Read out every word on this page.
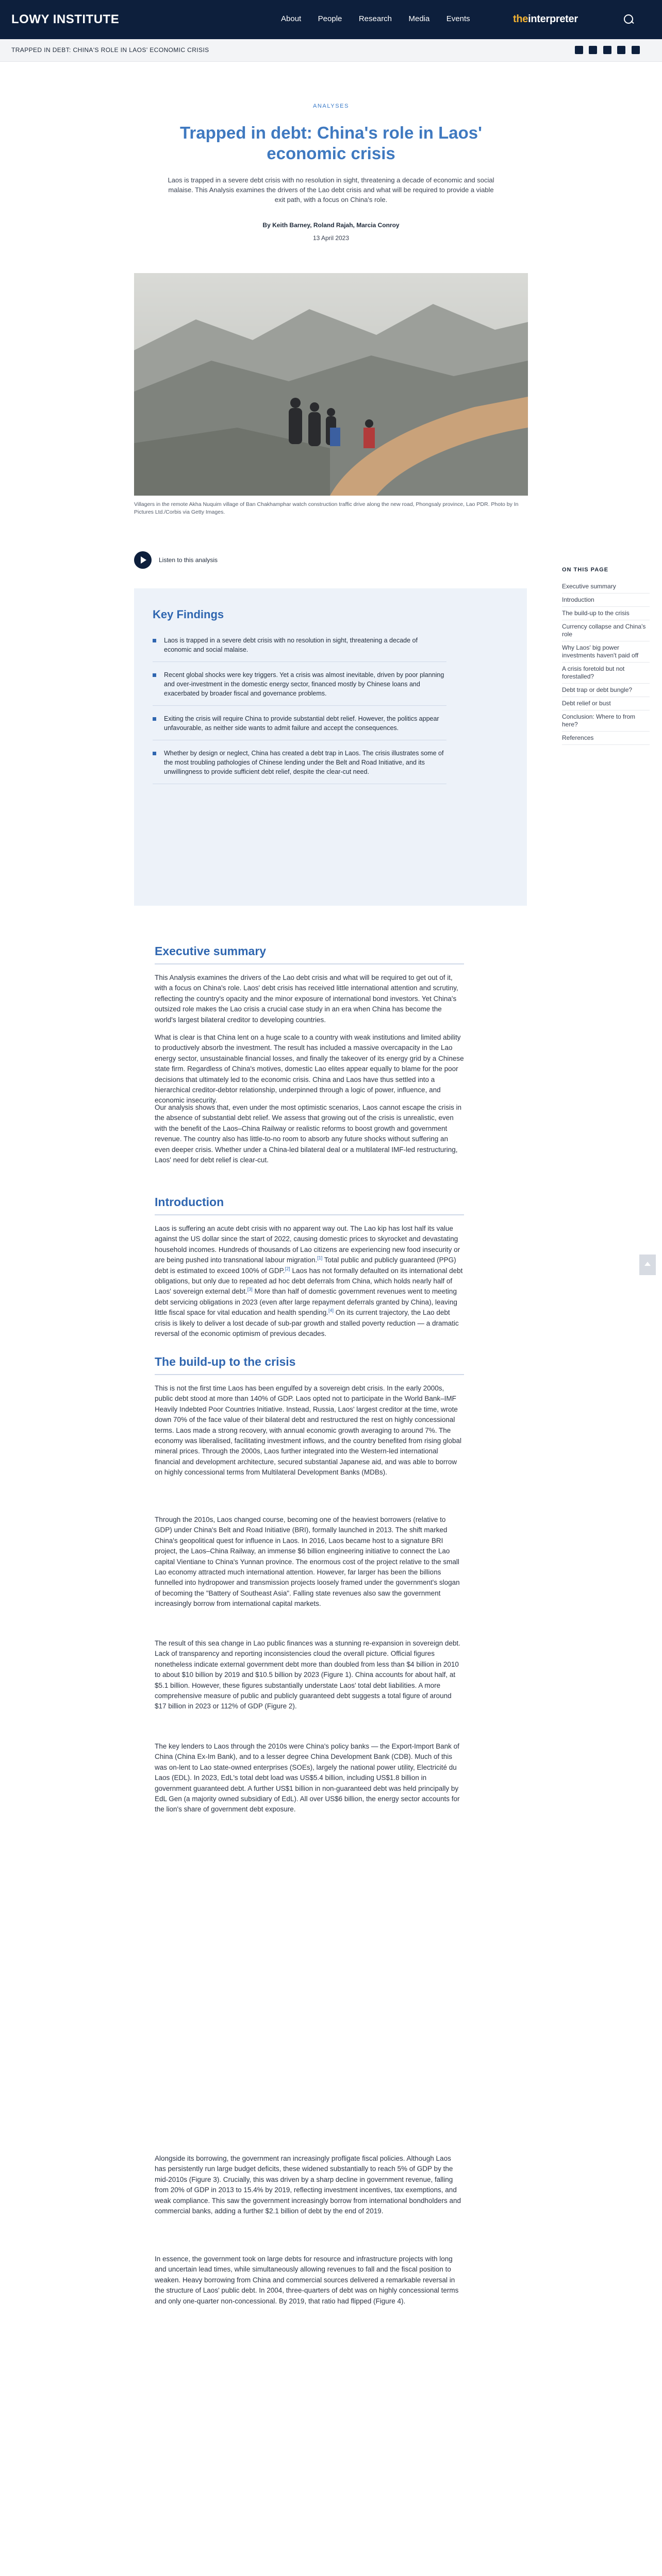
LOWY INSTITUTE	About People Research Media Events	theinterpreter
TRAPPED IN DEBT: CHINA'S ROLE IN LAOS' ECONOMIC CRISIS

ANALYSES
Trapped in debt: China's role in Laos' economic crisis

Laos is trapped in a severe debt crisis with no resolution in sight, threatening a decade of economic and social malaise. This Analysis examines the drivers of the Lao debt crisis and what will be required to provide a viable exit path, with a focus on China's role.

By Keith Barney, Roland Rajah, Marcia Conroy
13 April 2023

Villagers in the remote Akha Nuquim village of Ban Chakhamphar watch construction traffic drive along the new road, Phongsaly province, Lao PDR. Photo by In Pictures Ltd./Corbis via Getty Images.

Listen to this analysis
Key Findings
Laos is trapped in a severe debt crisis with no resolution in sight, threatening a decade of economic and social malaise.
Recent global shocks were key triggers. Yet a crisis was almost inevitable, driven by poor planning and over-investment in the domestic energy sector, financed mostly by Chinese loans and exacerbated by broader fiscal and governance problems.
Exiting the crisis will require China to provide substantial debt relief. However, the politics appear unfavourable, as neither side wants to admit failure and accept the consequences.
Whether by design or neglect, China has created a debt trap in Laos. The crisis illustrates some of the most troubling pathologies of Chinese lending under the Belt and Road Initiative, and its unwillingness to provide sufficient debt relief, despite the clear-cut need.
ON THIS PAGE
Executive summary
Introduction
The build-up to the crisis
Currency collapse and China's role
Why Laos' big power investments haven't paid off
A crisis foretold but not forestalled?
Debt trap or debt bungle?
Debt relief or bust
Conclusion: Where to from here?
References
Executive summary

This Analysis examines the drivers of the Lao debt crisis and what will be required to get out of it, with a focus on China's role. Laos' debt crisis has received little international attention and scrutiny, reflecting the country's opacity and the minor exposure of international bond investors. Yet China's outsized role makes the Lao crisis a crucial case study in an era when China has become the world's largest bilateral creditor to developing countries.

What is clear is that China lent on a huge scale to a country with weak institutions and limited ability to productively absorb the investment. The result has included a massive overcapacity in the Lao energy sector, unsustainable financial losses, and finally the takeover of its energy grid by a Chinese state firm. Regardless of China's motives, domestic Lao elites appear equally to blame for the poor decisions that ultimately led to the economic crisis. China and Laos have thus settled into a hierarchical creditor-debtor relationship, underpinned through a logic of power, influence, and economic insecurity.

Our analysis shows that, even under the most optimistic scenarios, Laos cannot escape the crisis in the absence of substantial debt relief. We assess that growing out of the crisis is unrealistic, even with the benefit of the Laos–China Railway or realistic reforms to boost growth and government revenue. The country also has little-to-no room to absorb any future shocks without suffering an even deeper crisis. Whether under a China-led bilateral deal or a multilateral IMF-led restructuring, Laos' need for debt relief is clear-cut.

Introduction

Laos is suffering an acute debt crisis with no apparent way out. The Lao kip has lost half its value against the US dollar since the start of 2022, causing domestic prices to skyrocket and devastating household incomes. Hundreds of thousands of Lao citizens are experiencing new food insecurity or are being pushed into transnational labour migration.[1] Total public and publicly guaranteed (PPG) debt is estimated to exceed 100% of GDP.[2] Laos has not formally defaulted on its international debt obligations, but only due to repeated ad hoc debt deferrals from China, which holds nearly half of Laos' sovereign external debt.[3] More than half of domestic government revenues went to meeting debt servicing obligations in 2023 (even after large repayment deferrals granted by China), leaving little fiscal space for vital education and health spending.[4] On its current trajectory, the Lao debt crisis is likely to deliver a lost decade of sub-par growth and stalled poverty reduction — a dramatic reversal of the economic optimism of previous decades.

The build-up to the crisis

This is not the first time Laos has been engulfed by a sovereign debt crisis. In the early 2000s, public debt stood at more than 140% of GDP. Laos opted not to participate in the World Bank–IMF Heavily Indebted Poor Countries Initiative. Instead, Russia, Laos' largest creditor at the time, wrote down 70% of the face value of their bilateral debt and restructured the rest on highly concessional terms. Laos made a strong recovery, with annual economic growth averaging to around 7%. The economy was liberalised, facilitating investment inflows, and the country benefited from rising global mineral prices. Through the 2000s, Laos further integrated into the Western-led international financial and development architecture, secured substantial Japanese aid, and was able to borrow on highly concessional terms from Multilateral Development Banks (MDBs).

Through the 2010s, Laos changed course, becoming one of the heaviest borrowers (relative to GDP) under China's Belt and Road Initiative (BRI), formally launched in 2013. The shift marked China's geopolitical quest for influence in Laos. In 2016, Laos became host to a signature BRI project, the Laos–China Railway, an immense $6 billion engineering initiative to connect the Lao capital Vientiane to China's Yunnan province. The enormous cost of the project relative to the small Lao economy attracted much international attention. However, far larger has been the billions funnelled into hydropower and transmission projects loosely framed under the government's slogan of becoming the "Battery of Southeast Asia". Falling state revenues also saw the government increasingly borrow from international capital markets.

The result of this sea change in Lao public finances was a stunning re-expansion in sovereign debt. Lack of transparency and reporting inconsistencies cloud the overall picture. Official figures nonetheless indicate external government debt more than doubled from less than $4 billion in 2010 to about $10 billion by 2019 and $10.5 billion by 2023 (Figure 1). China accounts for about half, at $5.1 billion. However, these figures substantially understate Laos' total debt liabilities. A more comprehensive measure of public and publicly guaranteed debt suggests a total figure of around $17 billion in 2023 or 112% of GDP (Figure 2).

The key lenders to Laos through the 2010s were China's policy banks — the Export-Import Bank of China (China Ex-Im Bank), and to a lesser degree China Development Bank (CDB). Much of this was on-lent to Lao state-owned enterprises (SOEs), largely the national power utility, Electricité du Laos (EDL). In 2023, EdL's total debt load was US$5.4 billion, including US$1.8 billion in government guaranteed debt. A further US$1 billion in non-guaranteed debt was held principally by EdL Gen (a majority owned subsidiary of EdL). All over US$6 billion, the energy sector accounts for the lion's share of government debt exposure.

Alongside its borrowing, the government ran increasingly profligate fiscal policies. Although Laos has persistently run large budget deficits, these widened substantially to reach 5% of GDP by the mid-2010s (Figure 3). Crucially, this was driven by a sharp decline in government revenue, falling from 20% of GDP in 2013 to 15.4% by 2019, reflecting investment incentives, tax exemptions, and weak compliance. This saw the government increasingly borrow from international bondholders and commercial banks, adding a further $2.1 billion of debt by the end of 2019.

In essence, the government took on large debts for resource and infrastructure projects with long and uncertain lead times, while simultaneously allowing revenues to fall and the fiscal position to weaken. Heavy borrowing from China and commercial sources delivered a remarkable reversal in the structure of Laos' public debt. In 2004, three-quarters of debt was on highly concessional terms and only one-quarter non-concessional. By 2019, that ratio had flipped (Figure 4).
